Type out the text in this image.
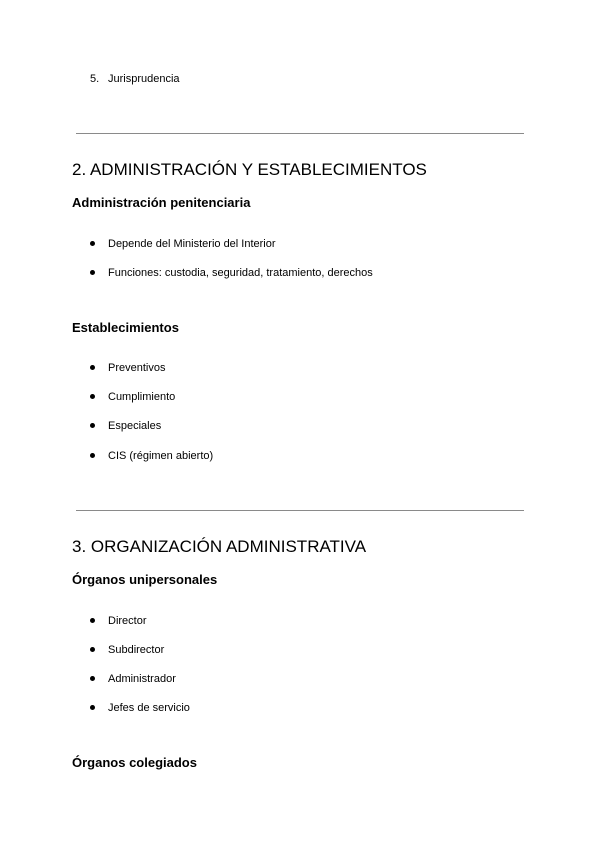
5. Jurisprudencia
2. ADMINISTRACIÓN Y ESTABLECIMIENTOS
Administración penitenciaria
Depende del Ministerio del Interior
Funciones: custodia, seguridad, tratamiento, derechos
Establecimientos
Preventivos
Cumplimiento
Especiales
CIS (régimen abierto)
3. ORGANIZACIÓN ADMINISTRATIVA
Órganos unipersonales
Director
Subdirector
Administrador
Jefes de servicio
Órganos colegiados
